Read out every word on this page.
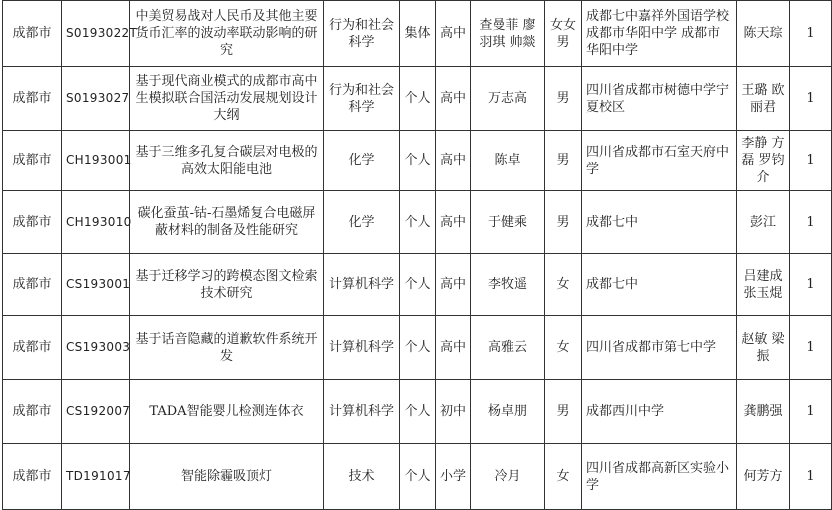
成都市	S0193022T	中美贸易战对人民币及其他主要货币汇率的波动率联动影响的研究	行为和社会科学	集体	高中	查曼菲 廖羽琪 帅燚	女女男	成都七中嘉祥外国语学校 成都市华阳中学 成都市华阳中学	陈天琮	1
成都市	S0193027	基于现代商业模式的成都市高中生模拟联合国活动发展规划设计大纲	行为和社会科学	个人	高中	万志高	男	四川省成都市树德中学宁夏校区	王璐 欧丽君	1
成都市	CH193001	基于三维多孔复合碳层对电极的高效太阳能电池	化学	个人	高中	陈卓	男	四川省成都市石室天府中学	李静 方磊 罗钧介	1
成都市	CH193010	碳化蚕茧-钴-石墨烯复合电磁屏蔽材料的制备及性能研究	化学	个人	高中	于健乘	男	成都七中	彭江	1
成都市	CS193001	基于迁移学习的跨模态图文检索技术研究	计算机科学	个人	高中	李牧遥	女	成都七中	吕建成 张玉焜	1
成都市	CS193003	基于话音隐藏的道歉软件系统开发	计算机科学	个人	高中	高雅云	女	四川省成都市第七中学	赵敏 梁振	1
成都市	CS192007	TADA智能婴儿检测连体衣	计算机科学	个人	初中	杨卓朋	男	成都西川中学	龚鹏强	1
成都市	TD191017	智能除霾吸顶灯	技术	个人	小学	冷月	女	四川省成都高新区实验小学	何芳方	1
